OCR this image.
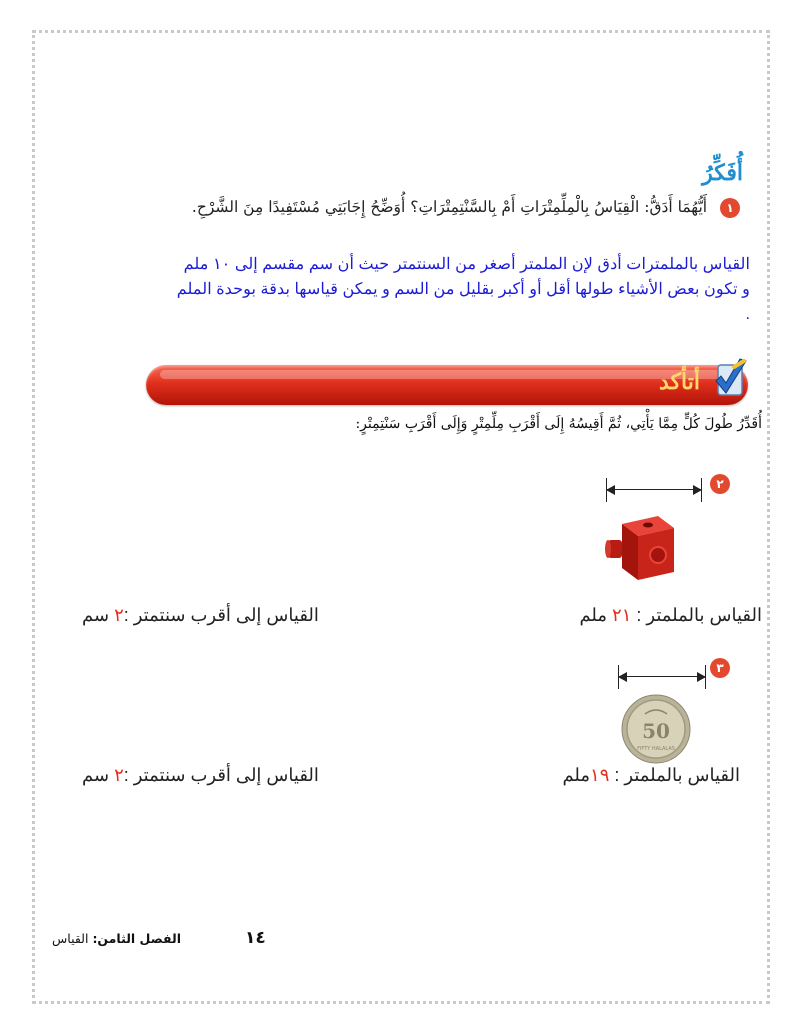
أُفَكِّرُ
١ أَيُّهُمَا أَدَقُّ: الْقِيَاسُ بِالْمِلِّمِتْرَاتِ أَمْ بِالسَّنْتِمِتْرَاتِ؟ أُوَضِّحُ إِجَابَتِي مُسْتَفِيدًا مِنَ الشَّرْحِ.
القياس بالملمترات أدق لإن الملمتر أصغر من السنتمتر حيث أن سم مقسم إلى ١٠ ملم
و تكون بعض الأشياء طولها أقل أو أكبر بقليل من السم و يمكن قياسها بدقة بوحدة الملم
.
أتأكد
أُقَدِّرُ طُولَ كُلٍّ مِمَّا يَأْتِي، ثُمَّ أَقِيسُهُ إِلَى أَقْرَبِ مِلِّمِتْرٍ وَإِلَى أَقْرَبِ سَنْتِمِتْرٍ:
٢
القياس بالملمتر : ٢١ ملم
القياس إلى أقرب سنتمتر :٢ سم
٣
50
FIFTY HALALAS
القياس بالملمتر : ١٩ملم
القياس إلى أقرب سنتمتر :٢ سم
١٤
الفصل الثامن: القياس
